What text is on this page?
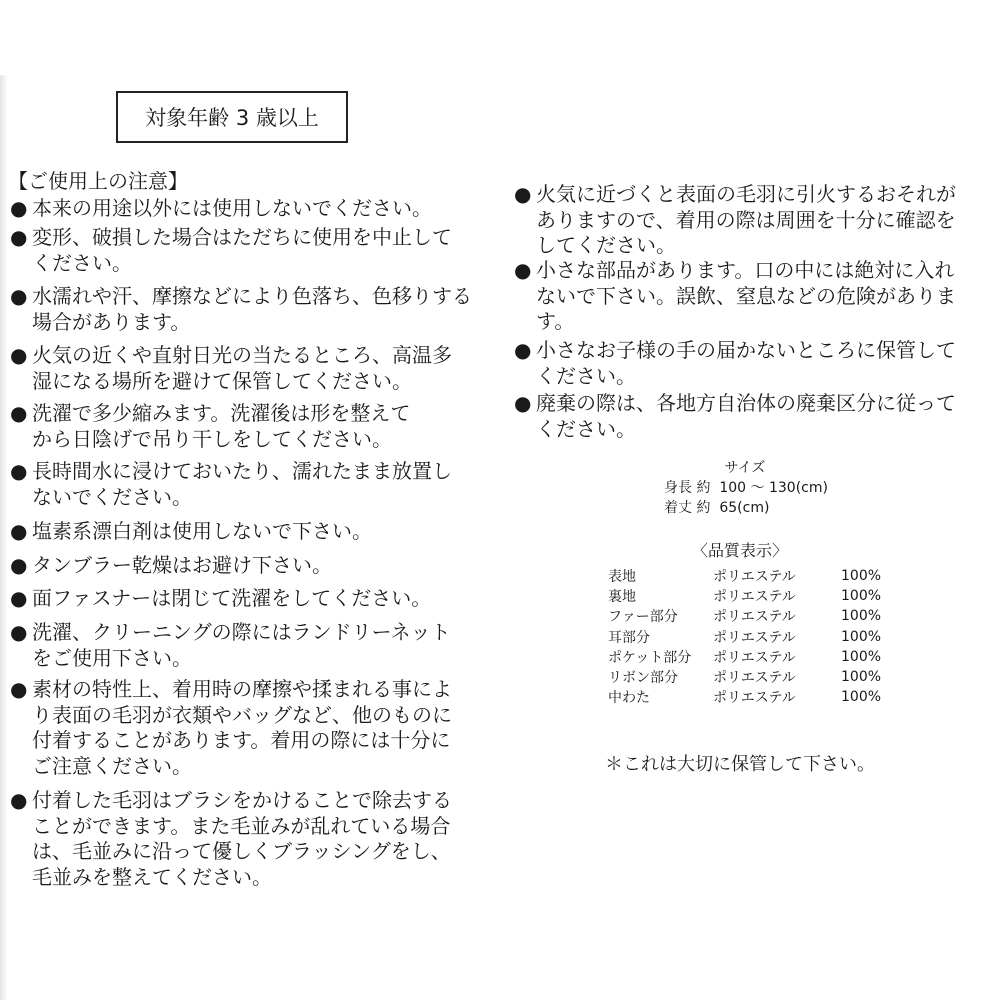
対象年齢 3 歳以上
【ご使用上の注意】
● 本来の用途以外には使用しないでください。
● 変形、破損した場合はただちに使用を中止して
ください。
● 水濡れや汗、摩擦などにより色落ち、色移りする
場合があります。
● 火気の近くや直射日光の当たるところ、高温多
湿になる場所を避けて保管してください。
● 洗濯で多少縮みます。洗濯後は形を整えて
から日陰げで吊り干しをしてください。
● 長時間水に浸けておいたり、濡れたまま放置し
ないでください。
● 塩素系漂白剤は使用しないで下さい。
● タンブラー乾燥はお避け下さい。
● 面ファスナーは閉じて洗濯をしてください。
● 洗濯、クリーニングの際にはランドリーネット
をご使用下さい。
● 素材の特性上、着用時の摩擦や揉まれる事によ
り表面の毛羽が衣類やバッグなど、他のものに
付着することがあります。着用の際には十分に
ご注意ください。
● 付着した毛羽はブラシをかけることで除去する
ことができます。また毛並みが乱れている場合
は、毛並みに沿って優しくブラッシングをし、
毛並みを整えてください。
● 火気に近づくと表面の毛羽に引火するおそれが
ありますので、着用の際は周囲を十分に確認を
してください。
● 小さな部品があります。口の中には絶対に入れ
ないで下さい。誤飲、窒息などの危険がありま
す。
● 小さなお子様の手の届かないところに保管して
ください。
● 廃棄の際は、各地方自治体の廃棄区分に従って
ください。
サイズ
身長 約  100 ～ 130(cm)
着丈 約  65(cm)
〈品質表示〉
表地	ポリエステル	100%
裏地	ポリエステル	100%
ファー部分	ポリエステル	100%
耳部分	ポリエステル	100%
ポケット部分	ポリエステル	100%
リボン部分	ポリエステル	100%
中わた	ポリエステル	100%
＊これは大切に保管して下さい。
